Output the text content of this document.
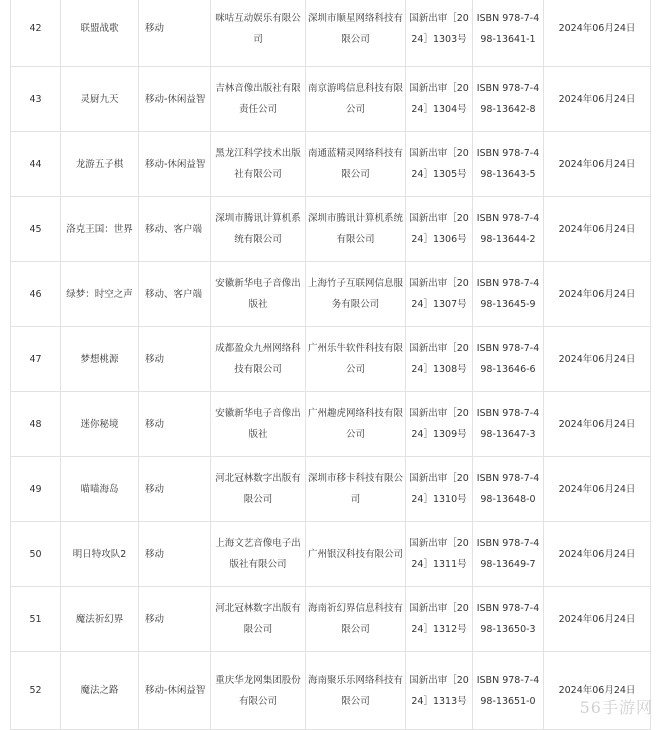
42	联盟战歌	移动	咪咕互动娱乐有限公司	深圳市顺星网络科技有限公司	国新出审［2024］1303号	ISBN 978-7-498-13641-1	2024年06月24日
43	灵厨九天	移动-休闲益智	吉林音像出版社有限责任公司	南京游鸣信息科技有限公司	国新出审［2024］1304号	ISBN 978-7-498-13642-8	2024年06月24日
44	龙游五子棋	移动-休闲益智	黑龙江科学技术出版社有限公司	南通蓝精灵网络科技有限公司	国新出审［2024］1305号	ISBN 978-7-498-13643-5	2024年06月24日
45	洛克王国：世界	移动、客户端	深圳市腾讯计算机系统有限公司	深圳市腾讯计算机系统有限公司	国新出审［2024］1306号	ISBN 978-7-498-13644-2	2024年06月24日
46	绿梦：时空之声	移动、客户端	安徽新华电子音像出版社	上海竹子互联网信息服务有限公司	国新出审［2024］1307号	ISBN 978-7-498-13645-9	2024年06月24日
47	梦想桃源	移动	成都盈众九州网络科技有限公司	广州乐牛软件科技有限公司	国新出审［2024］1308号	ISBN 978-7-498-13646-6	2024年06月24日
48	迷你秘境	移动	安徽新华电子音像出版社	广州趣虎网络科技有限公司	国新出审［2024］1309号	ISBN 978-7-498-13647-3	2024年06月24日
49	喵喵海岛	移动	河北冠林数字出版有限公司	深圳市移卡科技有限公司	国新出审［2024］1310号	ISBN 978-7-498-13648-0	2024年06月24日
50	明日特攻队2	移动	上海文艺音像电子出版社有限公司	广州银汉科技有限公司	国新出审［2024］1311号	ISBN 978-7-498-13649-7	2024年06月24日
51	魔法祈幻界	移动	河北冠林数字出版有限公司	海南祈幻界信息科技有限公司	国新出审［2024］1312号	ISBN 978-7-498-13650-3	2024年06月24日
52	魔法之路	移动-休闲益智	重庆华龙网集团股份有限公司	海南聚乐乐网络科技有限公司	国新出审［2024］1313号	ISBN 978-7-498-13651-0	2024年06月24日
56手游网
